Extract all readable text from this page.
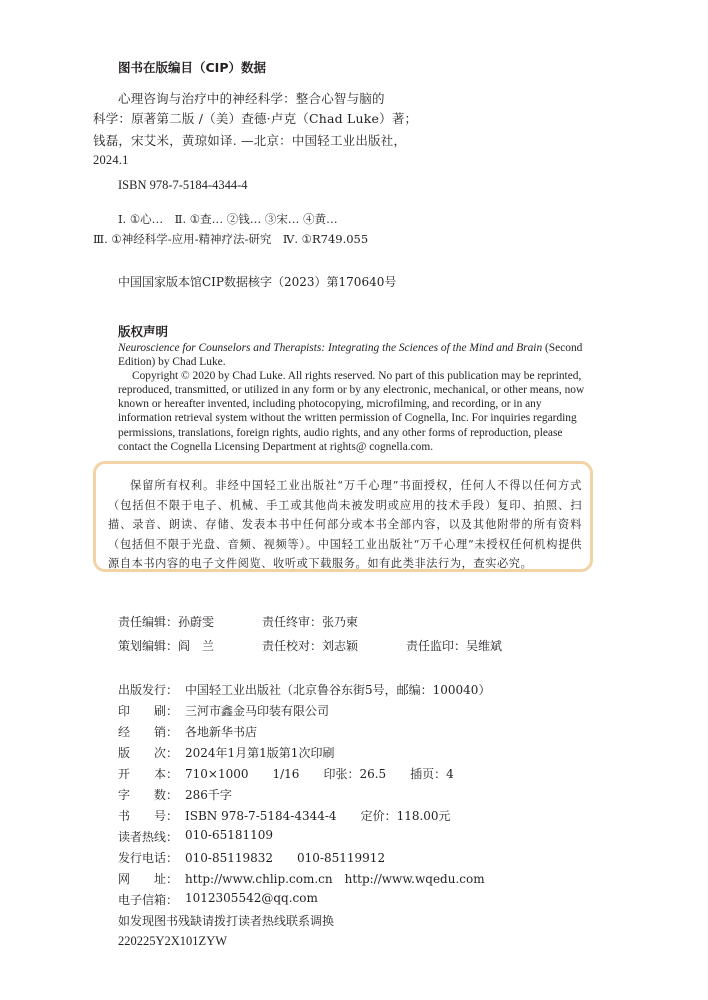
图书在版编目（CIP）数据
心理咨询与治疗中的神经科学：整合心智与脑的
科学：原著第二版 /（美）查德·卢克（Chad Luke）著；
钱磊，宋艾米，黄琼如译. —北京：中国轻工业出版社，
2024.1
ISBN 978-7-5184-4344-4
Ⅰ. ①心…　Ⅱ. ①查… ②钱… ③宋… ④黄…
Ⅲ. ①神经科学-应用-精神疗法-研究　Ⅳ. ①R749.055
中国国家版本馆CIP数据核字（2023）第170640号
版权声明

Neuroscience for Counselors and Therapists: Integrating the Sciences of the Mind and Brain (Second Edition) by Chad Luke.

Copyright © 2020 by Chad Luke. All rights reserved. No part of this publication may be reprinted, reproduced, transmitted, or utilized in any form or by any electronic, mechanical, or other means, now known or hereafter invented, including photocopying, microfilming, and recording, or in any information retrieval system without the written permission of Cognella, Inc. For inquiries regarding permissions, translations, foreign rights, audio rights, and any other forms of reproduction, please contact the Cognella Licensing Department at rights@ cognella.com.

保留所有权利。非经中国轻工业出版社“万千心理”书面授权，任何人不得以任何方式（包括但不限于电子、机械、手工或其他尚未被发明或应用的技术手段）复印、拍照、扫描、录音、朗读、存储、发表本书中任何部分或本书全部内容，以及其他附带的所有资料（包括但不限于光盘、音频、视频等）。中国轻工业出版社“万千心理”未授权任何机构提供源自本书内容的电子文件阅览、收听或下载服务。如有此类非法行为，查实必究。
责任编辑：孙蔚雯	责任终审：张乃柬
策划编辑：阎　兰	责任校对：刘志颖	责任监印：吴维斌
出版发行： 中国轻工业出版社（北京鲁谷东街5号，邮编：100040）
印　　刷： 三河市鑫金马印装有限公司
经　　销： 各地新华书店
版　　次： 2024年1月第1版第1次印刷
开　　本： 710×1000　　1/16　　印张：26.5　　插页：4
字　　数： 286千字
书　　号： ISBN 978-7-5184-4344-4　　定价：118.00元
读者热线： 010-65181109
发行电话： 010-85119832　　010-85119912
网　　址： http://www.chlip.com.cn　http://www.wqedu.com
电子信箱： 1012305542@qq.com
如发现图书残缺请拨打读者热线联系调换
220225Y2X101ZYW
